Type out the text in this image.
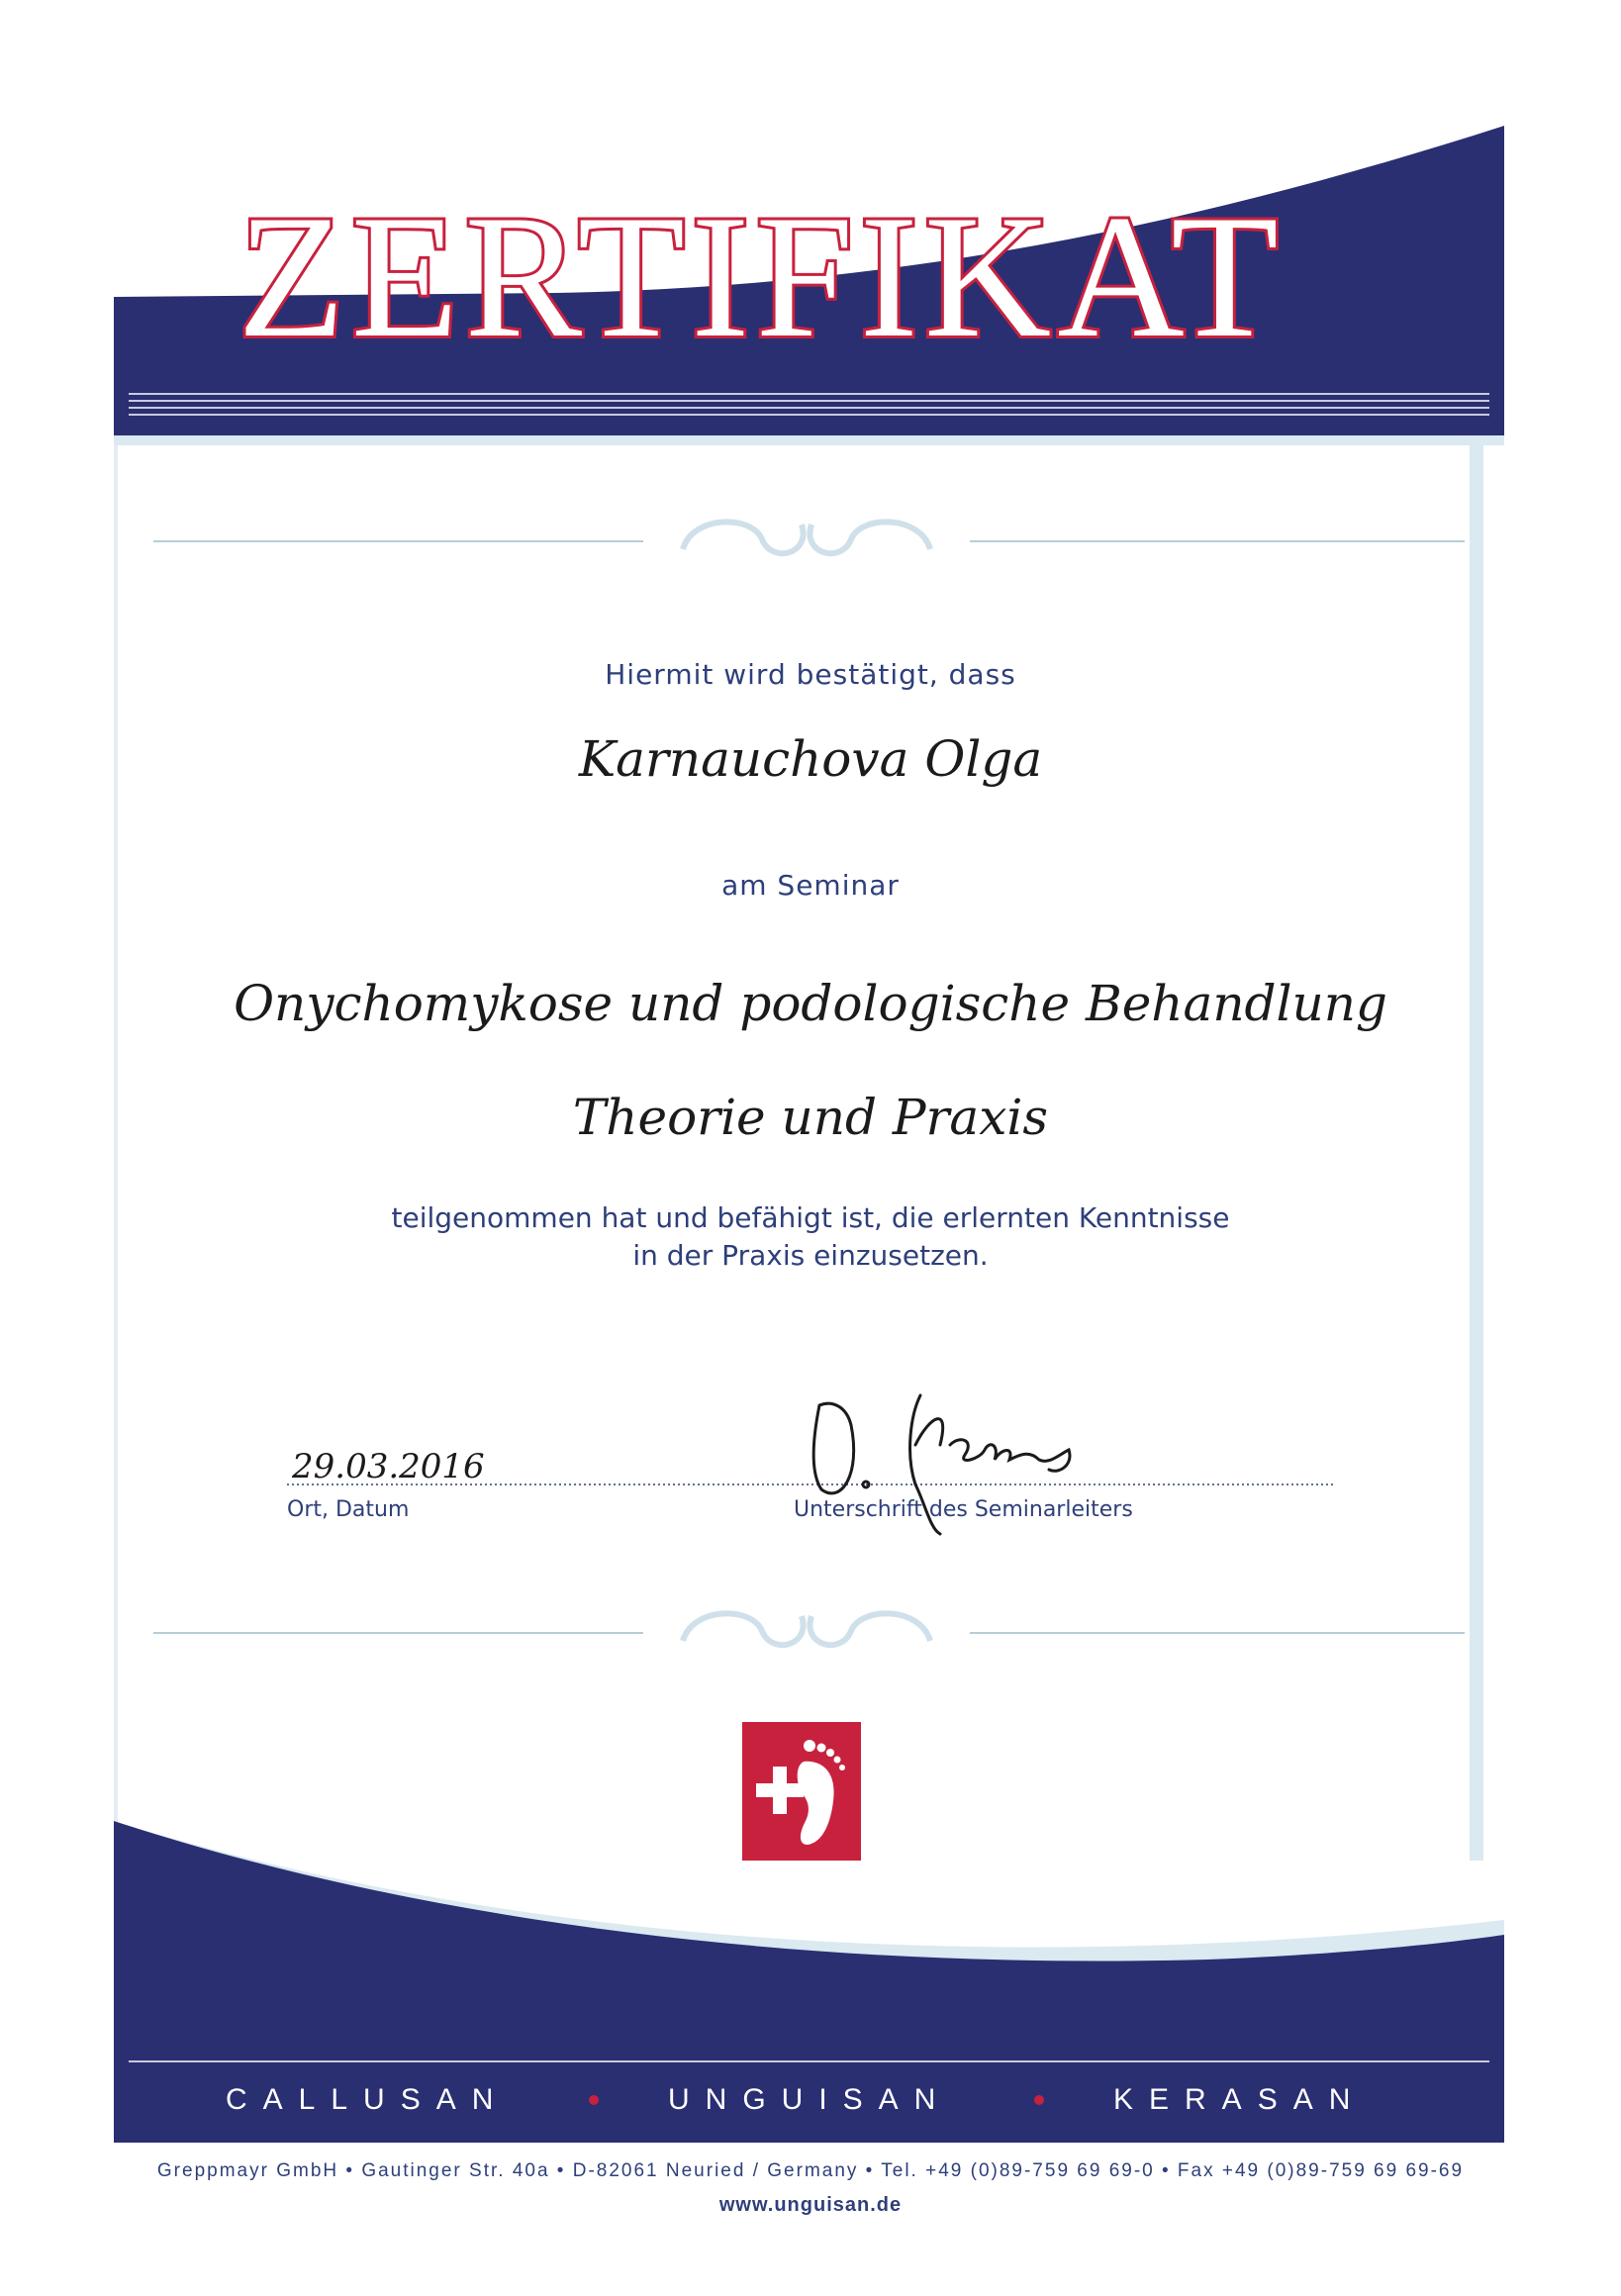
ZERTIFIKAT

Hiermit wird bestätigt, dass

Karnauchova Olga

am Seminar

Onychomykose und podologische Behandlung

Theorie und Praxis

teilgenommen hat und befähigt ist, die erlernten Kenntnisse

in der Praxis einzusetzen.

29.03.2016

Ort, Datum	Unterschrift des Seminarleiters

GREPPMAYR
FOOTCARE
CALLUSAN	UNGUISAN	KERASAN

Greppmayr GmbH • Gautinger Str. 40a • D-82061 Neuried / Germany • Tel. +49 (0)89-759 69 69-0 • Fax +49 (0)89-759 69 69-69

www.unguisan.de
